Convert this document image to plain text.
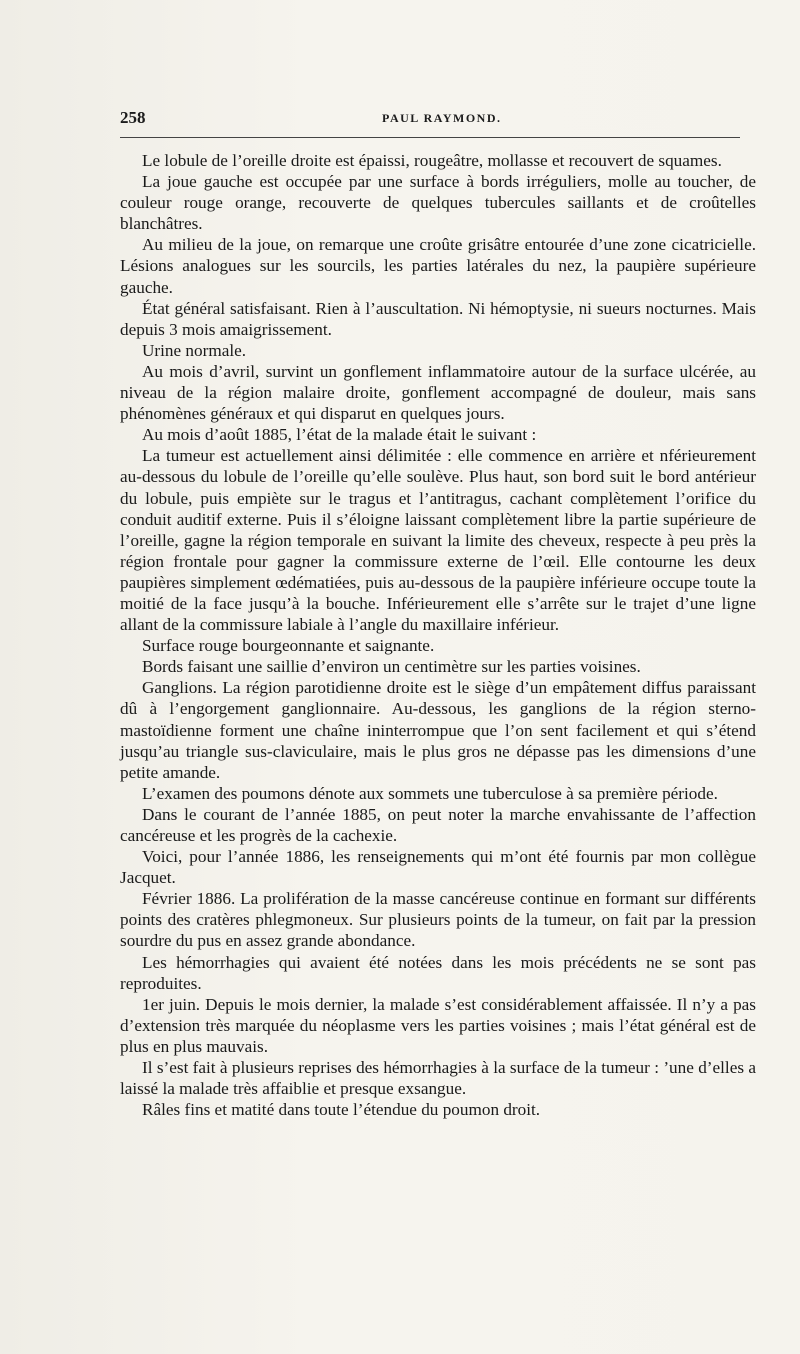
258	PAUL RAYMOND.

Le lobule de l’oreille droite est épaissi, rougeâtre, mollasse et recouvert de squames.

La joue gauche est occupée par une surface à bords irréguliers, molle au toucher, de couleur rouge orange, recouverte de quelques tubercules saillants et de croûtelles blanchâtres.

Au milieu de la joue, on remarque une croûte grisâtre entourée d’une zone cicatricielle. Lésions analogues sur les sourcils, les parties latérales du nez, la paupière supérieure gauche.

État général satisfaisant. Rien à l’auscultation. Ni hémoptysie, ni sueurs nocturnes. Mais depuis 3 mois amaigrissement.

Urine normale.

Au mois d’avril, survint un gonflement inflammatoire autour de la surface ulcérée, au niveau de la région malaire droite, gonflement accompagné de douleur, mais sans phénomènes généraux et qui disparut en quelques jours.

Au mois d’août 1885, l’état de la malade était le suivant :

La tumeur est actuellement ainsi délimitée : elle commence en arrière et nférieurement au-dessous du lobule de l’oreille qu’elle soulève. Plus haut, son bord suit le bord antérieur du lobule, puis empiète sur le tragus et l’antitragus, cachant complètement l’orifice du conduit auditif externe. Puis il s’éloigne laissant complètement libre la partie supérieure de l’oreille, gagne la région temporale en suivant la limite des cheveux, respecte à peu près la région frontale pour gagner la commissure externe de l’œil. Elle contourne les deux paupières simplement œdématiées, puis au-dessous de la paupière inférieure occupe toute la moitié de la face jusqu’à la bouche. Inférieurement elle s’arrête sur le trajet d’une ligne allant de la commissure labiale à l’angle du maxillaire inférieur.

Surface rouge bourgeonnante et saignante.

Bords faisant une saillie d’environ un centimètre sur les parties voisines.

Ganglions. La région parotidienne droite est le siège d’un empâtement diffus paraissant dû à l’engorgement ganglionnaire. Au-dessous, les ganglions de la région sterno-mastoïdienne forment une chaîne ininterrompue que l’on sent facilement et qui s’étend jusqu’au triangle sus-claviculaire, mais le plus gros ne dépasse pas les dimensions d’une petite amande.

L’examen des poumons dénote aux sommets une tuberculose à sa première période.

Dans le courant de l’année 1885, on peut noter la marche envahissante de l’affection cancéreuse et les progrès de la cachexie.

Voici, pour l’année 1886, les renseignements qui m’ont été fournis par mon collègue Jacquet.

Février 1886. La prolifération de la masse cancéreuse continue en formant sur différents points des cratères phlegmoneux. Sur plusieurs points de la tumeur, on fait par la pression sourdre du pus en assez grande abondance.

Les hémorrhagies qui avaient été notées dans les mois précédents ne se sont pas reproduites.

1er juin. Depuis le mois dernier, la malade s’est considérablement affaissée. Il n’y a pas d’extension très marquée du néoplasme vers les parties voisines ; mais l’état général est de plus en plus mauvais.

Il s’est fait à plusieurs reprises des hémorrhagies à la surface de la tumeur : ’une d’elles a laissé la malade très affaiblie et presque exsangue.

Râles fins et matité dans toute l’étendue du poumon droit.
